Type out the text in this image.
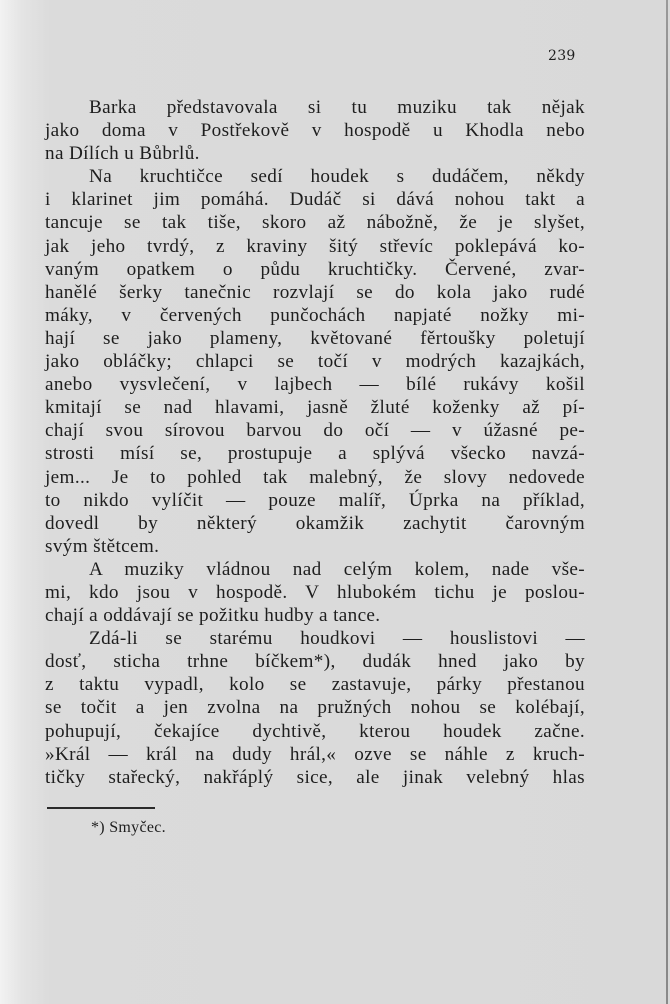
239
Barka představovala si tu muziku tak nějak
jako doma v Postřekově v hospodě u Khodla nebo
na Dílích u Bůbrlů.
Na kruchtičce sedí houdek s dudáčem, někdy
i klarinet jim pomáhá. Dudáč si dává nohou takt a
tancuje se tak tiše, skoro až nábožně, že je slyšet,
jak jeho tvrdý, z kraviny šitý střevíc poklepává ko-
vaným opatkem o půdu kruchtičky. Červené, zvar-
hanělé šerky tanečnic rozvlají se do kola jako rudé
máky, v červených punčochách napjaté nožky mi-
hají se jako plameny, květované fěrtoušky poletují
jako obláčky; chlapci se točí v modrých kazajkách,
anebo vysvlečení, v lajbech — bílé rukávy košil
kmitají se nad hlavami, jasně žluté koženky až pí-
chají svou sírovou barvou do očí — v úžasné pe-
strosti mísí se, prostupuje a splývá všecko navzá-
jem... Je to pohled tak malebný, že slovy nedovede
to nikdo vylíčit — pouze malíř, Úprka na příklad,
dovedl by některý okamžik zachytit čarovným
svým štětcem.
A muziky vládnou nad celým kolem, nade vše-
mi, kdo jsou v hospodě. V hlubokém tichu je poslou-
chají a oddávají se požitku hudby a tance.
Zdá-li se starému houdkovi — houslistovi —
dosť, sticha trhne bíčkem*), dudák hned jako by
z taktu vypadl, kolo se zastavuje, párky přestanou
se točit a jen zvolna na pružných nohou se kolébají,
pohupují, čekajíce dychtivě, kterou houdek začne.
»Král — král na dudy hrál,« ozve se náhle z kruch-
tičky stařecký, nakřáplý sice, ale jinak velebný hlas
*) Smyčec.
